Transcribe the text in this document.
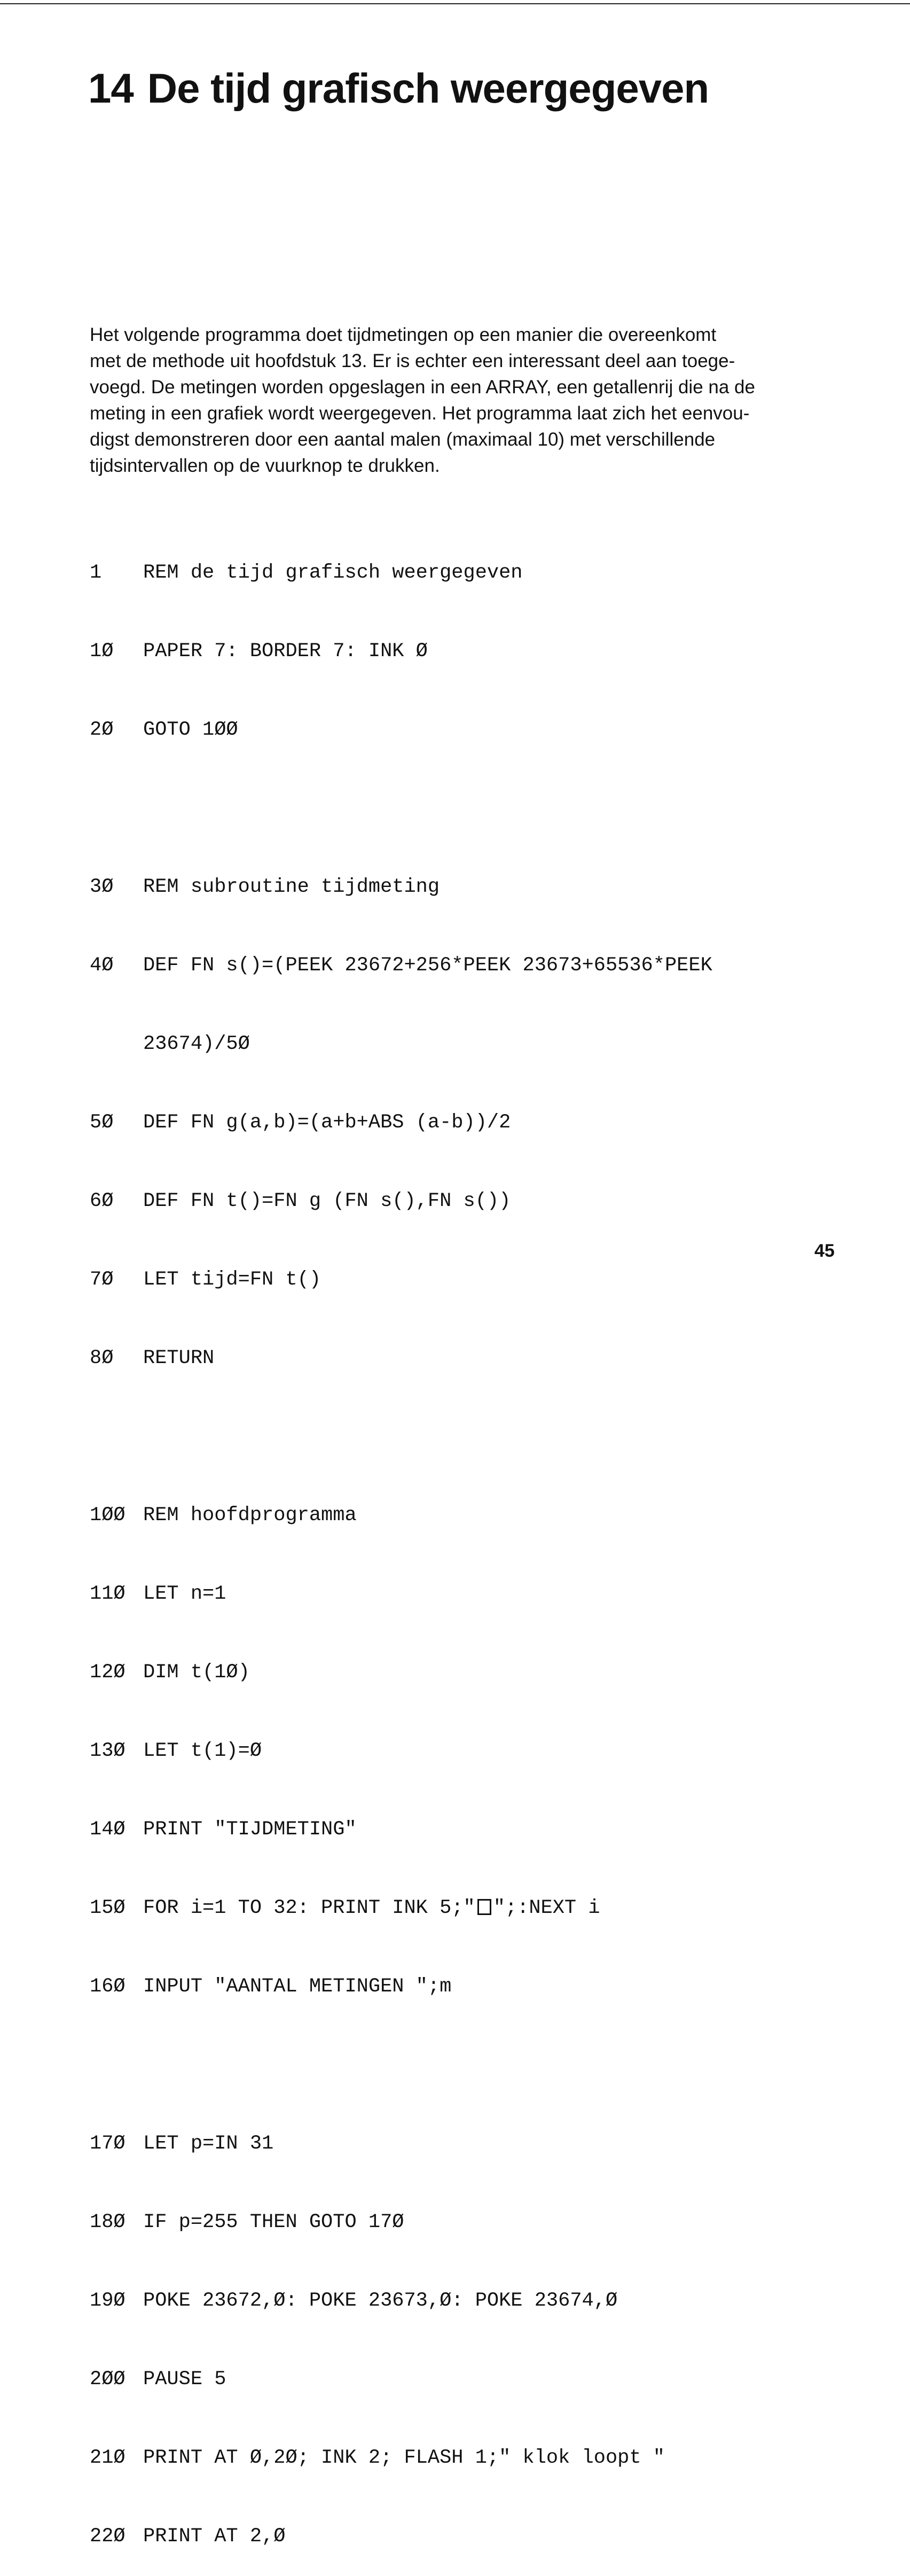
14 De tijd grafisch weergegeven
Het volgende programma doet tijdmetingen op een manier die overeenkomt
met de methode uit hoofdstuk 13. Er is echter een interessant deel aan toege-
voegd. De metingen worden opgeslagen in een ARRAY, een getallenrij die na de
meting in een grafiek wordt weergegeven. Het programma laat zich het eenvou-
digst demonstreren door een aantal malen (maximaal 10) met verschillende
tijdsintervallen op de vuurknop te drukken.

1 REM de tijd grafisch weergegeven

1Ø PAPER 7: BORDER 7: INK Ø

2Ø GOTO 1ØØ

3Ø REM subroutine tijdmeting

4Ø DEF FN s()=(PEEK 23672+256*PEEK 23673+65536*PEEK

23674)/5Ø

5Ø DEF FN g(a,b)=(a+b+ABS (a-b))/2

6Ø DEF FN t()=FN g (FN s(),FN s())

7Ø LET tijd=FN t()

8Ø RETURN

1ØØ REM hoofdprogramma

11Ø LET n=1

12Ø DIM t(1Ø)

13Ø LET t(1)=Ø

14Ø PRINT "TIJDMETING"

15Ø FOR i=1 TO 32: PRINT INK 5;" ";:NEXT i

16Ø INPUT "AANTAL METINGEN ";m

17Ø LET p=IN 31

18Ø IF p=255 THEN GOTO 17Ø

19Ø POKE 23672,Ø: POKE 23673,Ø: POKE 23674,Ø

2ØØ PAUSE 5

21Ø PRINT AT Ø,2Ø; INK 2; FLASH 1;" klok loopt "

22Ø PRINT AT 2,Ø

45
